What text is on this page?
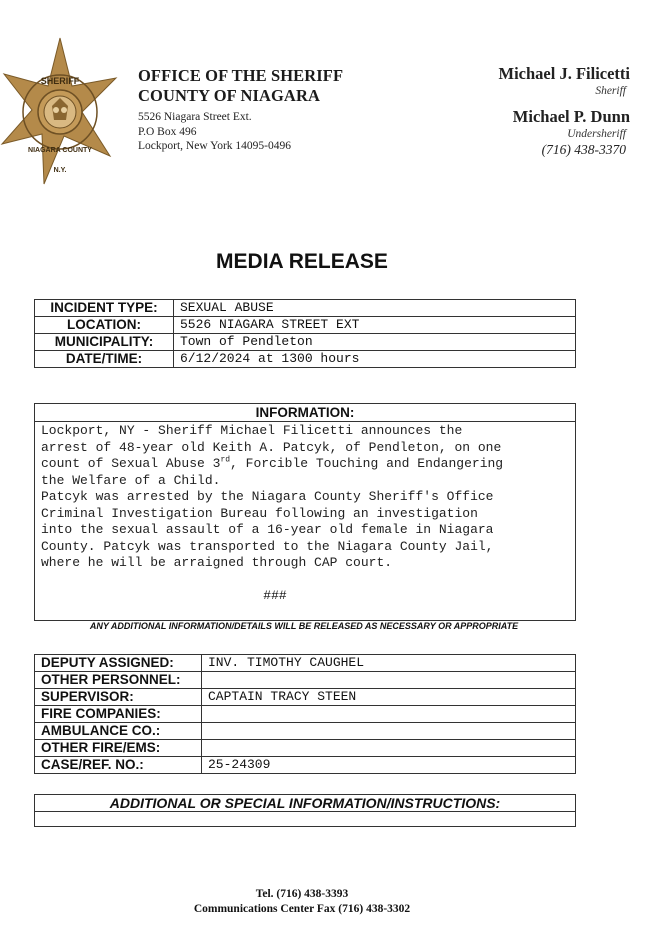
SHERIFF
NIAGARA COUNTY
N.Y.
OFFICE OF THE SHERIFF
COUNTY OF NIAGARA
5526 Niagara Street Ext.
P.O Box 496
Lockport, New York 14095-0496
Michael J. Filicetti
Sheriff
Michael P. Dunn
Undersheriff
(716) 438-3370
MEDIA RELEASE
INCIDENT TYPE:	SEXUAL ABUSE
LOCATION:	5526 NIAGARA STREET EXT
MUNICIPALITY:	Town of Pendleton
DATE/TIME:	6/12/2024 at 1300 hours
INFORMATION:
Lockport, NY - Sheriff Michael Filicetti announces the
arrest of 48-year old Keith A. Patcyk, of Pendleton, on one
count of Sexual Abuse 3rd, Forcible Touching and Endangering
the Welfare of a Child.
Patcyk was arrested by the Niagara County Sheriff's Office
Criminal Investigation Bureau following an investigation
into the sexual assault of a 16-year old female in Niagara
County. Patcyk was transported to the Niagara County Jail,
where he will be arraigned through CAP court.
###
ANY ADDITIONAL INFORMATION/DETAILS WILL BE RELEASED AS NECESSARY OR APPROPRIATE
DEPUTY ASSIGNED:	INV. TIMOTHY CAUGHEL
OTHER PERSONNEL:	
SUPERVISOR:	CAPTAIN TRACY STEEN
FIRE COMPANIES:	
AMBULANCE CO.:	
OTHER FIRE/EMS:	
CASE/REF. NO.:	25-24309
ADDITIONAL OR SPECIAL INFORMATION/INSTRUCTIONS:

Tel. (716) 438-3393
Communications Center Fax (716) 438-3302
